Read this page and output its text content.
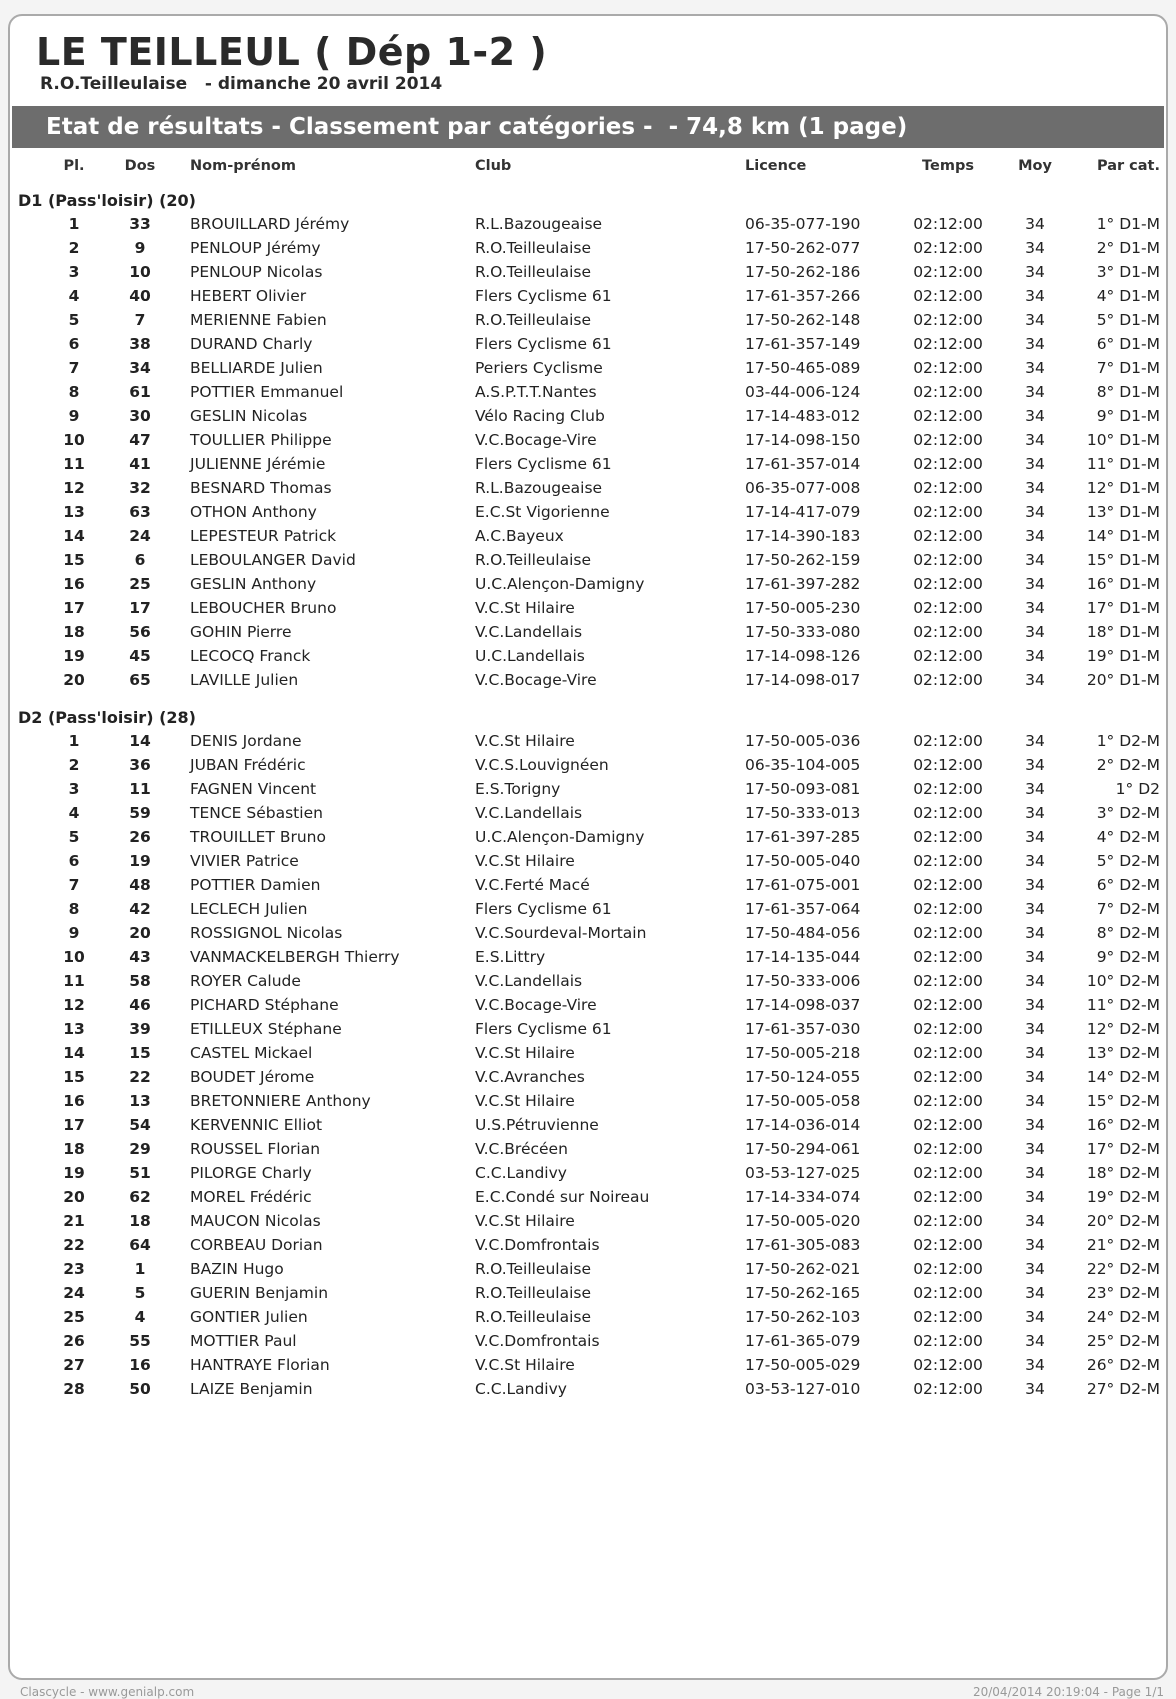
LE TEILLEUL ( Dép 1-2 )
R.O.Teilleulaise   - dimanche 20 avril 2014
Etat de résultats - Classement par catégories -  - 74,8 km (1 page)
Pl.	Dos	Nom-prénom	Club	Licence	Temps	Moy	Par cat.
D1 (Pass'loisir) (20)
1	33	BROUILLARD Jérémy	R.L.Bazougeaise	06-35-077-190	02:12:00	34	1° D1-M
2	9	PENLOUP Jérémy	R.O.Teilleulaise	17-50-262-077	02:12:00	34	2° D1-M
3	10	PENLOUP Nicolas	R.O.Teilleulaise	17-50-262-186	02:12:00	34	3° D1-M
4	40	HEBERT Olivier	Flers Cyclisme 61	17-61-357-266	02:12:00	34	4° D1-M
5	7	MERIENNE Fabien	R.O.Teilleulaise	17-50-262-148	02:12:00	34	5° D1-M
6	38	DURAND Charly	Flers Cyclisme 61	17-61-357-149	02:12:00	34	6° D1-M
7	34	BELLIARDE Julien	Periers Cyclisme	17-50-465-089	02:12:00	34	7° D1-M
8	61	POTTIER Emmanuel	A.S.P.T.T.Nantes	03-44-006-124	02:12:00	34	8° D1-M
9	30	GESLIN Nicolas	Vélo Racing Club	17-14-483-012	02:12:00	34	9° D1-M
10	47	TOULLIER Philippe	V.C.Bocage-Vire	17-14-098-150	02:12:00	34	10° D1-M
11	41	JULIENNE Jérémie	Flers Cyclisme 61	17-61-357-014	02:12:00	34	11° D1-M
12	32	BESNARD Thomas	R.L.Bazougeaise	06-35-077-008	02:12:00	34	12° D1-M
13	63	OTHON Anthony	E.C.St Vigorienne	17-14-417-079	02:12:00	34	13° D1-M
14	24	LEPESTEUR Patrick	A.C.Bayeux	17-14-390-183	02:12:00	34	14° D1-M
15	6	LEBOULANGER David	R.O.Teilleulaise	17-50-262-159	02:12:00	34	15° D1-M
16	25	GESLIN Anthony	U.C.Alençon-Damigny	17-61-397-282	02:12:00	34	16° D1-M
17	17	LEBOUCHER Bruno	V.C.St Hilaire	17-50-005-230	02:12:00	34	17° D1-M
18	56	GOHIN Pierre	V.C.Landellais	17-50-333-080	02:12:00	34	18° D1-M
19	45	LECOCQ Franck	U.C.Landellais	17-14-098-126	02:12:00	34	19° D1-M
20	65	LAVILLE Julien	V.C.Bocage-Vire	17-14-098-017	02:12:00	34	20° D1-M
D2 (Pass'loisir) (28)
1	14	DENIS Jordane	V.C.St Hilaire	17-50-005-036	02:12:00	34	1° D2-M
2	36	JUBAN Frédéric	V.C.S.Louvignéen	06-35-104-005	02:12:00	34	2° D2-M
3	11	FAGNEN Vincent	E.S.Torigny	17-50-093-081	02:12:00	34	1° D2
4	59	TENCE Sébastien	V.C.Landellais	17-50-333-013	02:12:00	34	3° D2-M
5	26	TROUILLET Bruno	U.C.Alençon-Damigny	17-61-397-285	02:12:00	34	4° D2-M
6	19	VIVIER Patrice	V.C.St Hilaire	17-50-005-040	02:12:00	34	5° D2-M
7	48	POTTIER Damien	V.C.Ferté Macé	17-61-075-001	02:12:00	34	6° D2-M
8	42	LECLECH Julien	Flers Cyclisme 61	17-61-357-064	02:12:00	34	7° D2-M
9	20	ROSSIGNOL Nicolas	V.C.Sourdeval-Mortain	17-50-484-056	02:12:00	34	8° D2-M
10	43	VANMACKELBERGH Thierry	E.S.Littry	17-14-135-044	02:12:00	34	9° D2-M
11	58	ROYER Calude	V.C.Landellais	17-50-333-006	02:12:00	34	10° D2-M
12	46	PICHARD Stéphane	V.C.Bocage-Vire	17-14-098-037	02:12:00	34	11° D2-M
13	39	ETILLEUX Stéphane	Flers Cyclisme 61	17-61-357-030	02:12:00	34	12° D2-M
14	15	CASTEL Mickael	V.C.St Hilaire	17-50-005-218	02:12:00	34	13° D2-M
15	22	BOUDET Jérome	V.C.Avranches	17-50-124-055	02:12:00	34	14° D2-M
16	13	BRETONNIERE Anthony	V.C.St Hilaire	17-50-005-058	02:12:00	34	15° D2-M
17	54	KERVENNIC Elliot	U.S.Pétruvienne	17-14-036-014	02:12:00	34	16° D2-M
18	29	ROUSSEL Florian	V.C.Brécéen	17-50-294-061	02:12:00	34	17° D2-M
19	51	PILORGE Charly	C.C.Landivy	03-53-127-025	02:12:00	34	18° D2-M
20	62	MOREL Frédéric	E.C.Condé sur Noireau	17-14-334-074	02:12:00	34	19° D2-M
21	18	MAUCON Nicolas	V.C.St Hilaire	17-50-005-020	02:12:00	34	20° D2-M
22	64	CORBEAU Dorian	V.C.Domfrontais	17-61-305-083	02:12:00	34	21° D2-M
23	1	BAZIN Hugo	R.O.Teilleulaise	17-50-262-021	02:12:00	34	22° D2-M
24	5	GUERIN Benjamin	R.O.Teilleulaise	17-50-262-165	02:12:00	34	23° D2-M
25	4	GONTIER Julien	R.O.Teilleulaise	17-50-262-103	02:12:00	34	24° D2-M
26	55	MOTTIER Paul	V.C.Domfrontais	17-61-365-079	02:12:00	34	25° D2-M
27	16	HANTRAYE Florian	V.C.St Hilaire	17-50-005-029	02:12:00	34	26° D2-M
28	50	LAIZE Benjamin	C.C.Landivy	03-53-127-010	02:12:00	34	27° D2-M
Clascycle - www.genialp.com	20/04/2014 20:19:04 - Page 1/1
